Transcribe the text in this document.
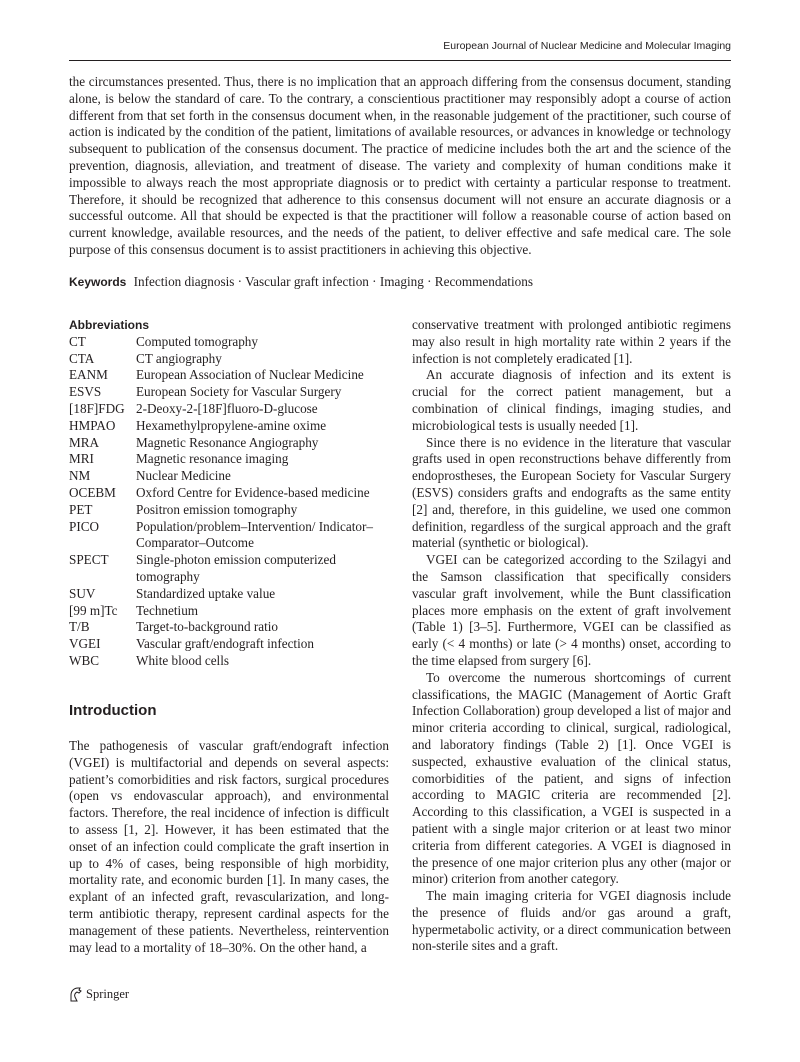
European Journal of Nuclear Medicine and Molecular Imaging

the circumstances presented. Thus, there is no implication that an approach differing from the consensus document, standing alone, is below the standard of care. To the contrary, a conscientious practitioner may responsibly adopt a course of action different from that set forth in the consensus document when, in the reasonable judgement of the practitioner, such course of action is indicated by the condition of the patient, limitations of available resources, or advances in knowledge or technology subsequent to publication of the consensus document. The practice of medicine includes both the art and the science of the prevention, diagnosis, alleviation, and treatment of disease. The variety and complexity of human conditions make it impossible to always reach the most appropriate diagnosis or to predict with certainty a particular response to treatment. Therefore, it should be recognized that adherence to this consensus document will not ensure an accurate diagnosis or a successful outcome. All that should be expected is that the practitioner will follow a reasonable course of action based on current knowledge, available resources, and the needs of the patient, to deliver effective and safe medical care. The sole purpose of this consensus document is to assist practitioners in achieving this objective.

Keywords Infection diagnosis · Vascular graft infection · Imaging · Recommendations

Abbreviations

CT	Computed tomography
CTA	CT angiography
EANM	European Association of Nuclear Medicine
ESVS	European Society for Vascular Surgery
[18F]FDG	2-Deoxy-2-[18F]fluoro-D-glucose
HMPAO	Hexamethylpropylene-amine oxime
MRA	Magnetic Resonance Angiography
MRI	Magnetic resonance imaging
NM	Nuclear Medicine
OCEBM	Oxford Centre for Evidence-based medicine
PET	Positron emission tomography
PICO	Population/problem–Intervention/ Indicator–Comparator–Outcome
SPECT	Single-photon emission computerized tomography
SUV	Standardized uptake value
[99 m]Tc	Technetium
T/B	Target-to-background ratio
VGEI	Vascular graft/endograft infection
WBC	White blood cells
Introduction

The pathogenesis of vascular graft/endograft infection (VGEI) is multifactorial and depends on several aspects: patient’s comorbidities and risk factors, surgical procedures (open vs endovascular approach), and environmental factors. Therefore, the real incidence of infection is difficult to assess [1, 2]. However, it has been estimated that the onset of an infection could complicate the graft insertion in up to 4% of cases, being responsible of high morbidity, mortality rate, and economic burden [1]. In many cases, the explant of an infected graft, revascularization, and long-term antibiotic therapy, represent cardinal aspects for the management of these patients. Nevertheless, reintervention may lead to a mortality of 18–30%. On the other hand, a

conservative treatment with prolonged antibiotic regimens may also result in high mortality rate within 2 years if the infection is not completely eradicated [1].

An accurate diagnosis of infection and its extent is crucial for the correct patient management, but a combination of clinical findings, imaging studies, and microbiological tests is usually needed [1].

Since there is no evidence in the literature that vascular grafts used in open reconstructions behave differently from endoprostheses, the European Society for Vascular Surgery (ESVS) considers grafts and endografts as the same entity [2] and, therefore, in this guideline, we used one common definition, regardless of the surgical approach and the graft material (synthetic or biological).

VGEI can be categorized according to the Szilagyi and the Samson classification that specifically considers vascular graft involvement, while the Bunt classification places more emphasis on the extent of graft involvement (Table 1) [3–5]. Furthermore, VGEI can be classified as early (< 4 months) or late (> 4 months) onset, according to the time elapsed from surgery [6].

To overcome the numerous shortcomings of current classifications, the MAGIC (Management of Aortic Graft Infection Collaboration) group developed a list of major and minor criteria according to clinical, surgical, radiological, and laboratory findings (Table 2) [1]. Once VGEI is suspected, exhaustive evaluation of the clinical status, comorbidities of the patient, and signs of infection according to MAGIC criteria are recommended [2]. According to this classification, a VGEI is suspected in a patient with a single major criterion or at least two minor criteria from different categories. A VGEI is diagnosed in the presence of one major criterion plus any other (major or minor) criterion from another category.

The main imaging criteria for VGEI diagnosis include the presence of fluids and/or gas around a graft, hypermetabolic activity, or a direct communication between non-sterile sites and a graft.

Springer
